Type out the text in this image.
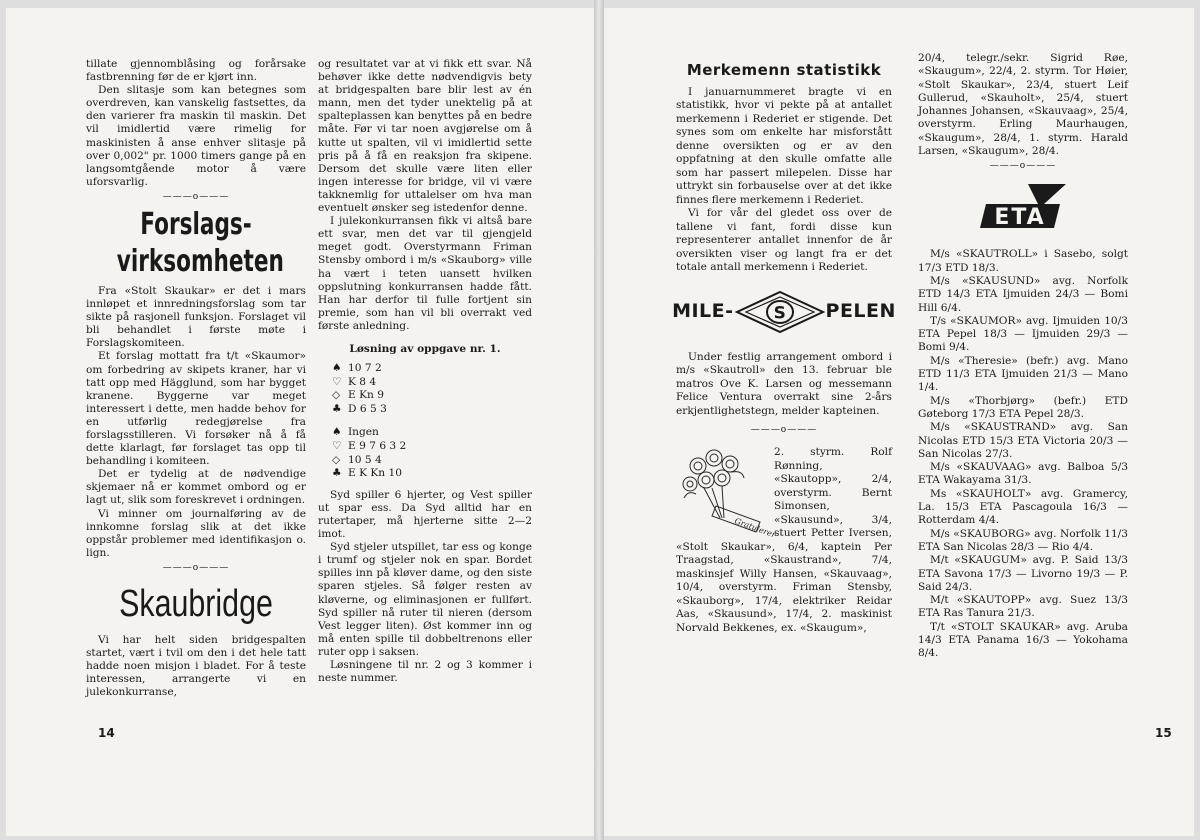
tillate gjennomblåsing og forårsake fastbrenning før de er kjørt inn.

Den slitasje som kan betegnes som overdreven, kan vanskelig fastsettes, da den varierer fra maskin til maskin. Det vil imidlertid være rimelig for maskinisten å anse enhver slitasje på over 0,002" pr. 1000 timers gange på en langsomtgående motor å være uforsvarlig.

———o———
Forslags-
virksomheten

Fra «Stolt Skaukar» er det i mars innløpet et innredningsforslag som tar sikte på rasjonell funksjon. Forslaget vil bli behandlet i første møte i Forslagskomiteen.

Et forslag mottatt fra t/t «Skaumor» om forbedring av skipets kraner, har vi tatt opp med Hägglund, som har bygget kranene. Byggerne var meget interessert i dette, men hadde behov for en utførlig redegjørelse fra forslagsstilleren. Vi forsøker nå å få dette klarlagt, før forslaget tas opp til behandling i komiteen.

Det er tydelig at de nødvendige skjemaer nå er kommet ombord og er lagt ut, slik som foreskrevet i ordningen.

Vi minner om journalføring av de innkomne forslag slik at det ikke oppstår problemer med identifikasjon o. lign.

———o———
Skaubridge

Vi har helt siden bridgespalten startet, vært i tvil om den i det hele tatt hadde noen misjon i bladet. For å teste interessen, arrangerte vi en julekonkurranse,

og resultatet var at vi fikk ett svar. Nå behøver ikke dette nødvendigvis bety at bridgespalten bare blir lest av én mann, men det tyder unektelig på at spalteplassen kan benyttes på en bedre måte. Før vi tar noen avgjørelse om å kutte ut spalten, vil vi imidlertid sette pris på å få en reaksjon fra skipene. Dersom det skulle være liten eller ingen interesse for bridge, vil vi være takknemlig for uttalelser om hva man eventuelt ønsker seg istedenfor denne.

I julekonkurransen fikk vi altså bare ett svar, men det var til gjengjeld meget godt. Overstyrmann Friman Stensby ombord i m/s «Skauborg» ville ha vært i teten uansett hvilken oppslutning konkurransen hadde fått. Han har derfor til fulle fortjent sin premie, som han vil bli overrakt ved første anledning.

Løsning av oppgave nr. 1.
♠ 10 7 2
♡ K 8 4
◇ E Kn 9
♣ D 6 5 3
♠ Ingen
♡ E 9 7 6 3 2
◇ 10 5 4
♣ E K Kn 10

Syd spiller 6 hjerter, og Vest spiller ut spar ess. Da Syd alltid har en rutertaper, må hjerterne sitte 2—2 imot.

Syd stjeler utspillet, tar ess og konge i trumf og stjeler nok en spar. Bordet spilles inn på kløver dame, og den siste sparen stjeles. Så følger resten av kløverne, og eliminasjonen er fullført. Syd spiller nå ruter til nieren (dersom Vest legger liten). Øst kommer inn og må enten spille til dobbeltrenons eller ruter opp i saksen.

Løsningene til nr. 2 og 3 kommer i neste nummer.

14
Merkemenn statistikk

I januarnummeret bragte vi en statistikk, hvor vi pekte på at antallet merkemenn i Rederiet er stigende. Det synes som om enkelte har misforstått denne oversikten og er av den oppfatning at den skulle omfatte alle som har passert milepelen. Disse har uttrykt sin forbauselse over at det ikke finnes flere merkemenn i Rederiet.

Vi for vår del gledet oss over de tallene vi fant, fordi disse kun representerer antallet innenfor de år oversikten viser og langt fra er det totale antall merkemenn i Rederiet.

MILE- S PELEN

Under festlig arrangement ombord i m/s «Skautroll» den 13. februar ble matros Ove K. Larsen og messemann Felice Ventura overrakt sine 2-års erkjentlighetstegn, melder kapteinen.

———o———
Gratulerer

2. styrm. Rolf Rønning, «Skautopp», 2/4, overstyrm. Bernt Simonsen, «Skausund», 3/4, stuert Petter Iversen, «Stolt Skaukar», 6/4, kaptein Per Traagstad, «Skaustrand», 7/4, maskinsjef Willy Hansen, «Skauvaag», 10/4, overstyrm. Friman Stensby, «Skauborg», 17/4, elektriker Reidar Aas, «Skausund», 17/4, 2. maskinist Norvald Bekkenes, ex. «Skaugum»,

20/4, telegr./sekr. Sigrid Røe, «Skaugum», 22/4, 2. styrm. Tor Høier, «Stolt Skaukar», 23/4, stuert Leif Gullerud, «Skauholt», 25/4, stuert Johannes Johansen, «Skauvaag», 25/4, overstyrm. Erling Maurhaugen, «Skaugum», 28/4, 1. styrm. Harald Larsen, «Skaugum», 28/4.

———o———
ETA

M/s «SKAUTROLL» i Sasebo, solgt 17/3 ETD 18/3.

M/s «SKAUSUND» avg. Norfolk ETD 14/3 ETA Ijmuiden 24/3 — Bomi Hill 6/4.

T/s «SKAUMOR» avg. Ijmuiden 10/3 ETA Pepel 18/3 — Ijmuiden 29/3 — Bomi 9/4.

M/s «Theresie» (befr.) avg. Mano ETD 11/3 ETA Ijmuiden 21/3 — Mano 1/4.

M/s «Thorbjørg» (befr.) ETD Gøteborg 17/3 ETA Pepel 28/3.

M/s «SKAUSTRAND» avg. San Nicolas ETD 15/3 ETA Victoria 20/3 — San Nicolas 27/3.

M/s «SKAUVAAG» avg. Balboa 5/3 ETA Wakayama 31/3.

Ms «SKAUHOLT» avg. Gramercy, La. 15/3 ETA Pascagoula 16/3 — Rotterdam 4/4.

M/s «SKAUBORG» avg. Norfolk 11/3 ETA San Nicolas 28/3 — Rio 4/4.

M/t «SKAUGUM» avg. P. Said 13/3 ETA Savona 17/3 — Livorno 19/3 — P. Said 24/3.

M/t «SKAUTOPP» avg. Suez 13/3 ETA Ras Tanura 21/3.

T/t «STOLT SKAUKAR» avg. Aruba 14/3 ETA Panama 16/3 — Yokohama 8/4.

15
